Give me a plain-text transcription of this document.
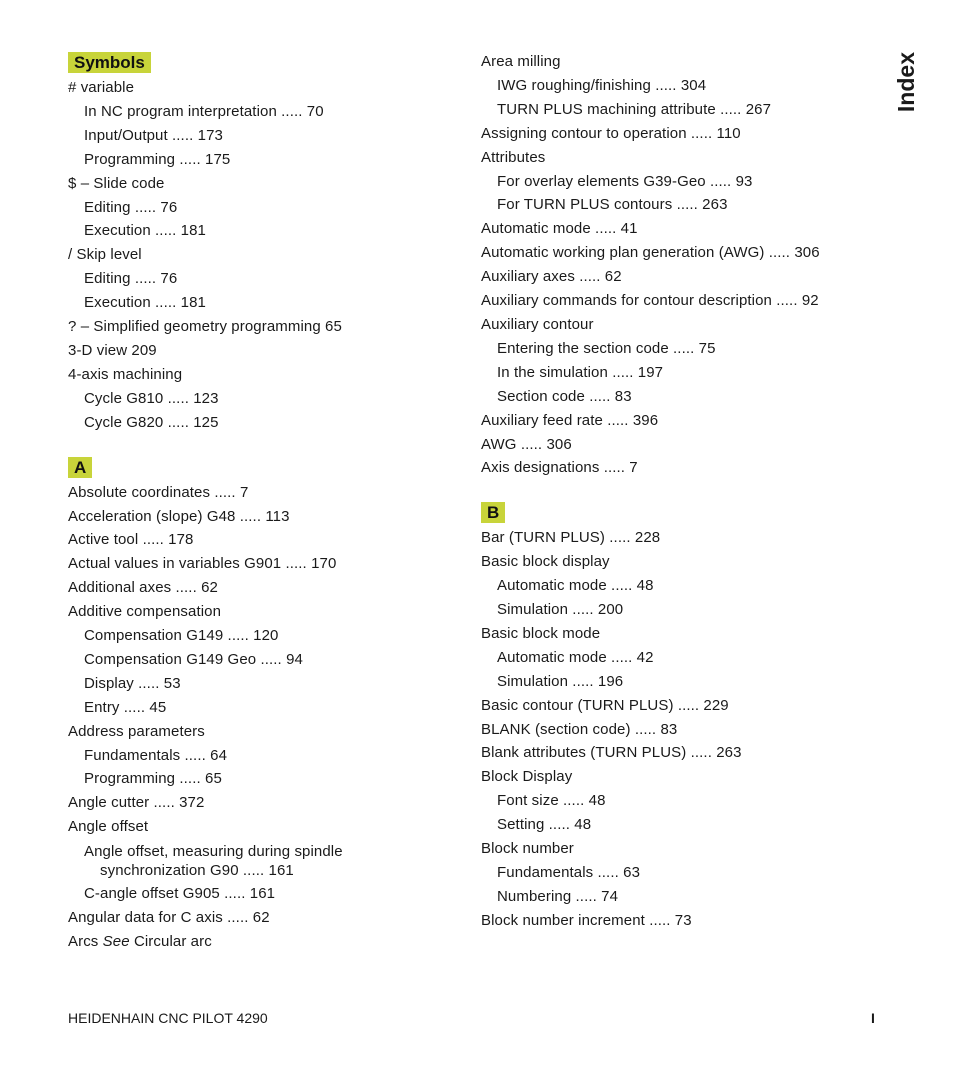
Symbols
# variable
In NC program interpretation ..... 70
Input/Output ..... 173
Programming ..... 175
$ – Slide code
Editing ..... 76
Execution ..... 181
/ Skip level
Editing ..... 76
Execution ..... 181
? – Simplified geometry programming 65
3-D view 209
4-axis machining
Cycle G810 ..... 123
Cycle G820 ..... 125
A
Absolute coordinates ..... 7
Acceleration (slope) G48 ..... 113
Active tool ..... 178
Actual values in variables G901 ..... 170
Additional axes ..... 62
Additive compensation
Compensation G149 ..... 120
Compensation G149 Geo ..... 94
Display ..... 53
Entry ..... 45
Address parameters
Fundamentals ..... 64
Programming ..... 65
Angle cutter ..... 372
Angle offset
Angle offset, measuring during spindle
synchronization G90 ..... 161
C-angle offset G905 ..... 161
Angular data for C axis ..... 62
Arcs See Circular arc
Area milling
IWG roughing/finishing ..... 304
TURN PLUS machining attribute ..... 267
Assigning contour to operation ..... 110
Attributes
For overlay elements G39-Geo ..... 93
For TURN PLUS contours ..... 263
Automatic mode ..... 41
Automatic working plan generation (AWG) ..... 306
Auxiliary axes ..... 62
Auxiliary commands for contour description ..... 92
Auxiliary contour
Entering the section code ..... 75
In the simulation ..... 197
Section code ..... 83
Auxiliary feed rate ..... 396
AWG ..... 306
Axis designations ..... 7
B
Bar (TURN PLUS) ..... 228
Basic block display
Automatic mode ..... 48
Simulation ..... 200
Basic block mode
Automatic mode ..... 42
Simulation ..... 196
Basic contour (TURN PLUS) ..... 229
BLANK (section code) ..... 83
Blank attributes (TURN PLUS) ..... 263
Block Display
Font size ..... 48
Setting ..... 48
Block number
Fundamentals ..... 63
Numbering ..... 74
Block number increment ..... 73
Index
HEIDENHAIN CNC PILOT 4290	I
